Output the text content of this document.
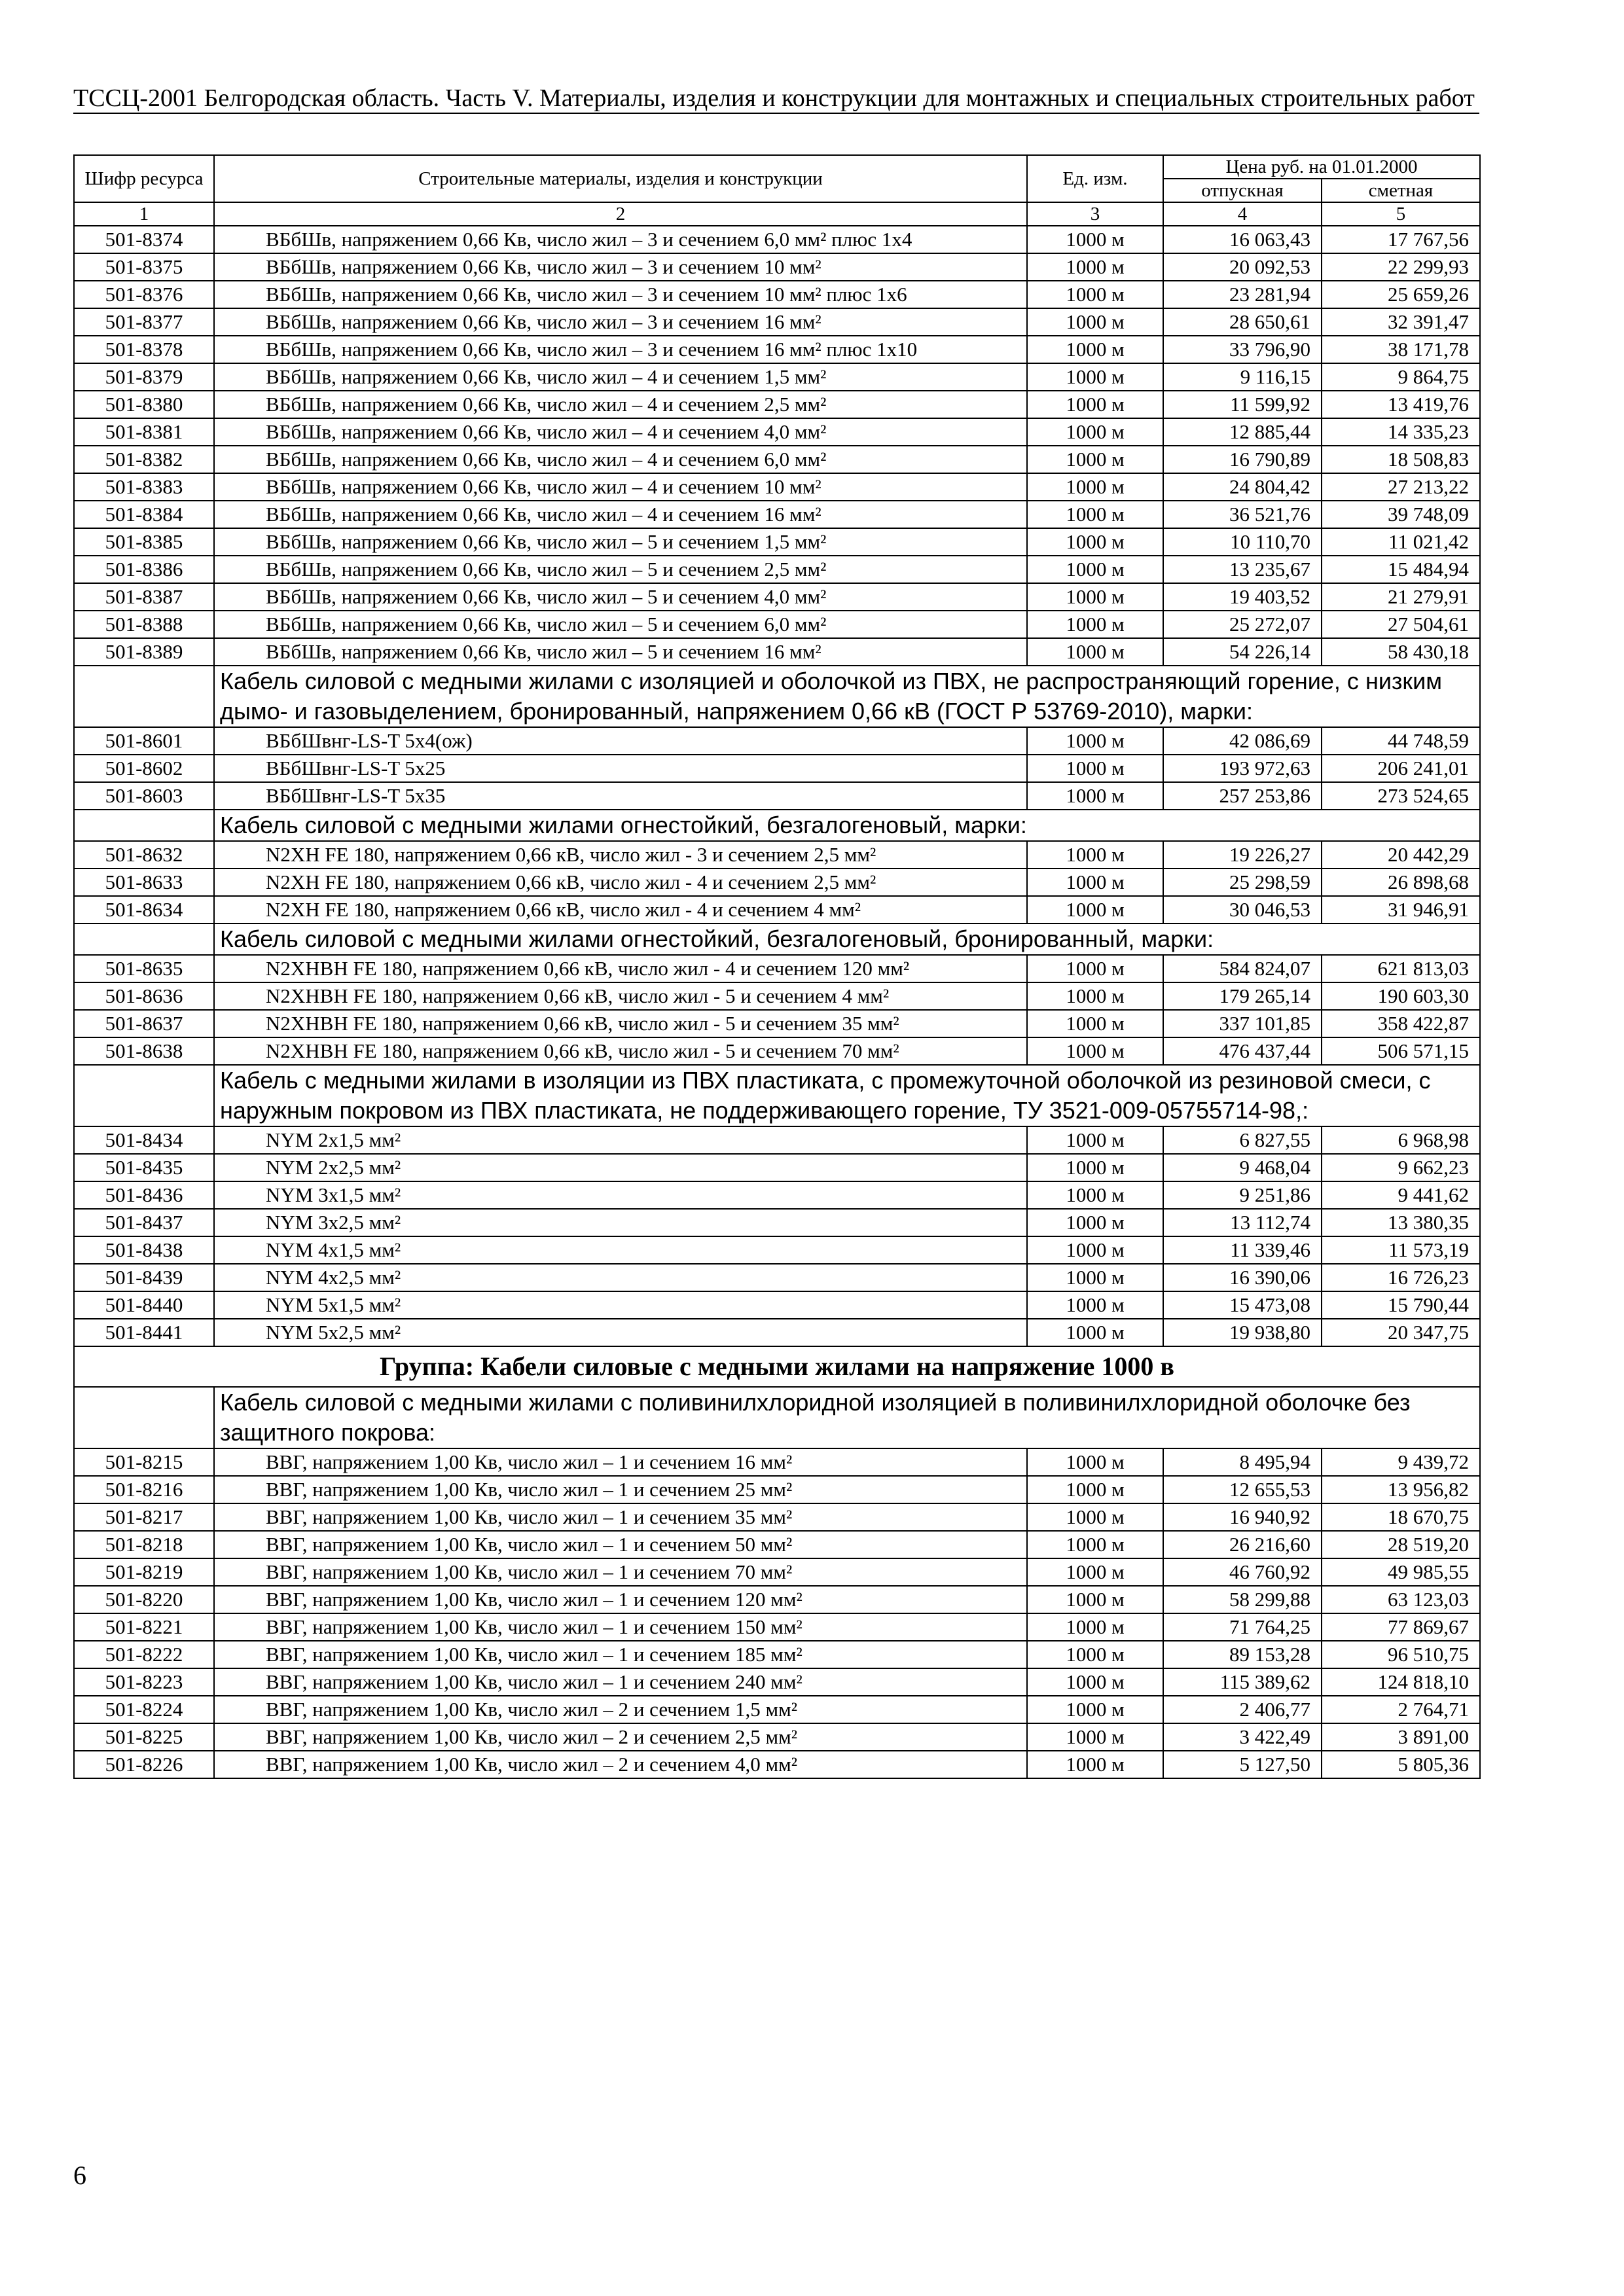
ТССЦ-2001 Белгородская область. Часть V. Материалы, изделия и конструкции для монтажных и специальных строительных работ
Шифр ресурса	Строительные материалы, изделия и конструкции	Ед. изм.	Цена руб. на 01.01.2000	
			отпускная	сметная
1	2	3	4	5
501-8374	ВБбШв, напряжением 0,66 Кв, число жил – 3 и сечением 6,0 мм² плюс 1х4	1000 м	16 063,43	17 767,56
501-8375	ВБбШв, напряжением 0,66 Кв, число жил – 3 и сечением 10 мм²	1000 м	20 092,53	22 299,93
501-8376	ВБбШв, напряжением 0,66 Кв, число жил – 3 и сечением 10 мм² плюс 1х6	1000 м	23 281,94	25 659,26
501-8377	ВБбШв, напряжением 0,66 Кв, число жил – 3 и сечением 16 мм²	1000 м	28 650,61	32 391,47
501-8378	ВБбШв, напряжением 0,66 Кв, число жил – 3 и сечением 16 мм² плюс 1х10	1000 м	33 796,90	38 171,78
501-8379	ВБбШв, напряжением 0,66 Кв, число жил – 4 и сечением 1,5 мм²	1000 м	9 116,15	9 864,75
501-8380	ВБбШв, напряжением 0,66 Кв, число жил – 4 и сечением 2,5 мм²	1000 м	11 599,92	13 419,76
501-8381	ВБбШв, напряжением 0,66 Кв, число жил – 4 и сечением 4,0 мм²	1000 м	12 885,44	14 335,23
501-8382	ВБбШв, напряжением 0,66 Кв, число жил – 4 и сечением 6,0 мм²	1000 м	16 790,89	18 508,83
501-8383	ВБбШв, напряжением 0,66 Кв, число жил – 4 и сечением 10 мм²	1000 м	24 804,42	27 213,22
501-8384	ВБбШв, напряжением 0,66 Кв, число жил – 4 и сечением 16 мм²	1000 м	36 521,76	39 748,09
501-8385	ВБбШв, напряжением 0,66 Кв, число жил – 5 и сечением 1,5 мм²	1000 м	10 110,70	11 021,42
501-8386	ВБбШв, напряжением 0,66 Кв, число жил – 5 и сечением 2,5 мм²	1000 м	13 235,67	15 484,94
501-8387	ВБбШв, напряжением 0,66 Кв, число жил – 5 и сечением 4,0 мм²	1000 м	19 403,52	21 279,91
501-8388	ВБбШв, напряжением 0,66 Кв, число жил – 5 и сечением 6,0 мм²	1000 м	25 272,07	27 504,61
501-8389	ВБбШв, напряжением 0,66 Кв, число жил – 5 и сечением 16 мм²	1000 м	54 226,14	58 430,18
	Кабель силовой с медными жилами с изоляцией и оболочкой из ПВХ, не распространяющий горение, с низким дымо- и газовыделением, бронированный, напряжением 0,66 кВ (ГОСТ Р 53769-2010), марки:			
501-8601	ВБбШвнг-LS-T 5х4(ож)	1000 м	42 086,69	44 748,59
501-8602	ВБбШвнг-LS-T 5х25	1000 м	193 972,63	206 241,01
501-8603	ВБбШвнг-LS-T 5х35	1000 м	257 253,86	273 524,65
	Кабель силовой с медными жилами огнестойкий, безгалогеновый, марки:			
501-8632	N2XH FE 180, напряжением 0,66 кВ, число жил - 3 и сечением 2,5 мм²	1000 м	19 226,27	20 442,29
501-8633	N2XH FE 180, напряжением 0,66 кВ, число жил - 4 и сечением 2,5 мм²	1000 м	25 298,59	26 898,68
501-8634	N2XH FE 180, напряжением 0,66 кВ, число жил - 4 и сечением 4 мм²	1000 м	30 046,53	31 946,91
	Кабель силовой с медными жилами огнестойкий, безгалогеновый, бронированный, марки:			
501-8635	N2XHBH FE 180, напряжением 0,66 кВ, число жил - 4 и сечением 120 мм²	1000 м	584 824,07	621 813,03
501-8636	N2XHBH FE 180, напряжением 0,66 кВ, число жил - 5 и сечением 4 мм²	1000 м	179 265,14	190 603,30
501-8637	N2XHBH FE 180, напряжением 0,66 кВ, число жил - 5 и сечением 35 мм²	1000 м	337 101,85	358 422,87
501-8638	N2XHBH FE 180, напряжением 0,66 кВ, число жил - 5 и сечением 70 мм²	1000 м	476 437,44	506 571,15
	Кабель с медными жилами в изоляции из ПВХ пластиката, с промежуточной оболочкой из резиновой смеси, с наружным покровом из ПВХ пластиката, не поддерживающего горение, ТУ 3521-009-05755714-98,:			
501-8434	NYM 2х1,5 мм²	1000 м	6 827,55	6 968,98
501-8435	NYM 2х2,5 мм²	1000 м	9 468,04	9 662,23
501-8436	NYM 3х1,5 мм²	1000 м	9 251,86	9 441,62
501-8437	NYM 3х2,5 мм²	1000 м	13 112,74	13 380,35
501-8438	NYM 4х1,5 мм²	1000 м	11 339,46	11 573,19
501-8439	NYM 4х2,5 мм²	1000 м	16 390,06	16 726,23
501-8440	NYM 5х1,5 мм²	1000 м	15 473,08	15 790,44
501-8441	NYM 5х2,5 мм²	1000 м	19 938,80	20 347,75
Группа: Кабели силовые с медными жилами на напряжение 1000 в				
	Кабель силовой с медными жилами с поливинилхлоридной изоляцией в поливинилхлоридной оболочке без защитного покрова:			
501-8215	ВВГ, напряжением 1,00 Кв, число жил – 1 и сечением 16 мм²	1000 м	8 495,94	9 439,72
501-8216	ВВГ, напряжением 1,00 Кв, число жил – 1 и сечением 25 мм²	1000 м	12 655,53	13 956,82
501-8217	ВВГ, напряжением 1,00 Кв, число жил – 1 и сечением 35 мм²	1000 м	16 940,92	18 670,75
501-8218	ВВГ, напряжением 1,00 Кв, число жил – 1 и сечением 50 мм²	1000 м	26 216,60	28 519,20
501-8219	ВВГ, напряжением 1,00 Кв, число жил – 1 и сечением 70 мм²	1000 м	46 760,92	49 985,55
501-8220	ВВГ, напряжением 1,00 Кв, число жил – 1 и сечением 120 мм²	1000 м	58 299,88	63 123,03
501-8221	ВВГ, напряжением 1,00 Кв, число жил – 1 и сечением 150 мм²	1000 м	71 764,25	77 869,67
501-8222	ВВГ, напряжением 1,00 Кв, число жил – 1 и сечением 185 мм²	1000 м	89 153,28	96 510,75
501-8223	ВВГ, напряжением 1,00 Кв, число жил – 1 и сечением 240 мм²	1000 м	115 389,62	124 818,10
501-8224	ВВГ, напряжением 1,00 Кв, число жил – 2 и сечением 1,5 мм²	1000 м	2 406,77	2 764,71
501-8225	ВВГ, напряжением 1,00 Кв, число жил – 2 и сечением 2,5 мм²	1000 м	3 422,49	3 891,00
501-8226	ВВГ, напряжением 1,00 Кв, число жил – 2 и сечением 4,0 мм²	1000 м	5 127,50	5 805,36
6
